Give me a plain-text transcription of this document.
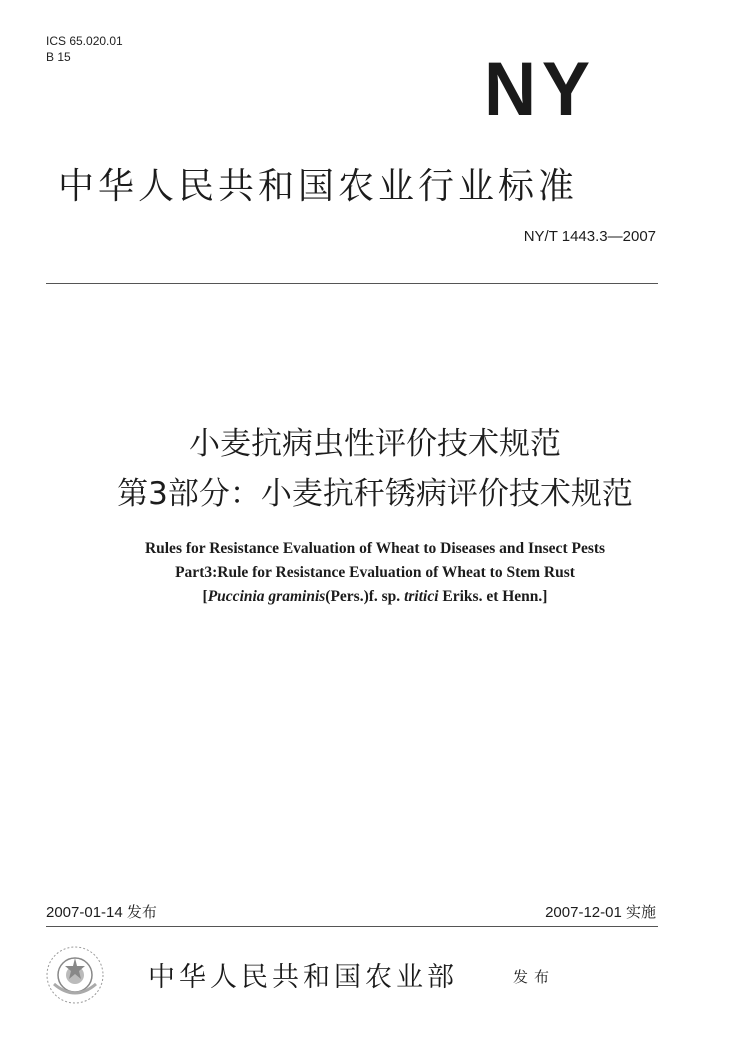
ICS 65.020.01
B 15	NY
中华人民共和国农业行业标准
NY/T 1443.3—2007
小麦抗病虫性评价技术规范
第3部分：小麦抗秆锈病评价技术规范
Rules for Resistance Evaluation of Wheat to Diseases and Insect Pests
Part3:Rule for Resistance Evaluation of Wheat to Stem Rust
[Puccinia graminis(Pers.)f. sp. tritici Eriks. et Henn.]
2007-01-14 发布	2007-12-01 实施
中华人民共和国农业部	发布
